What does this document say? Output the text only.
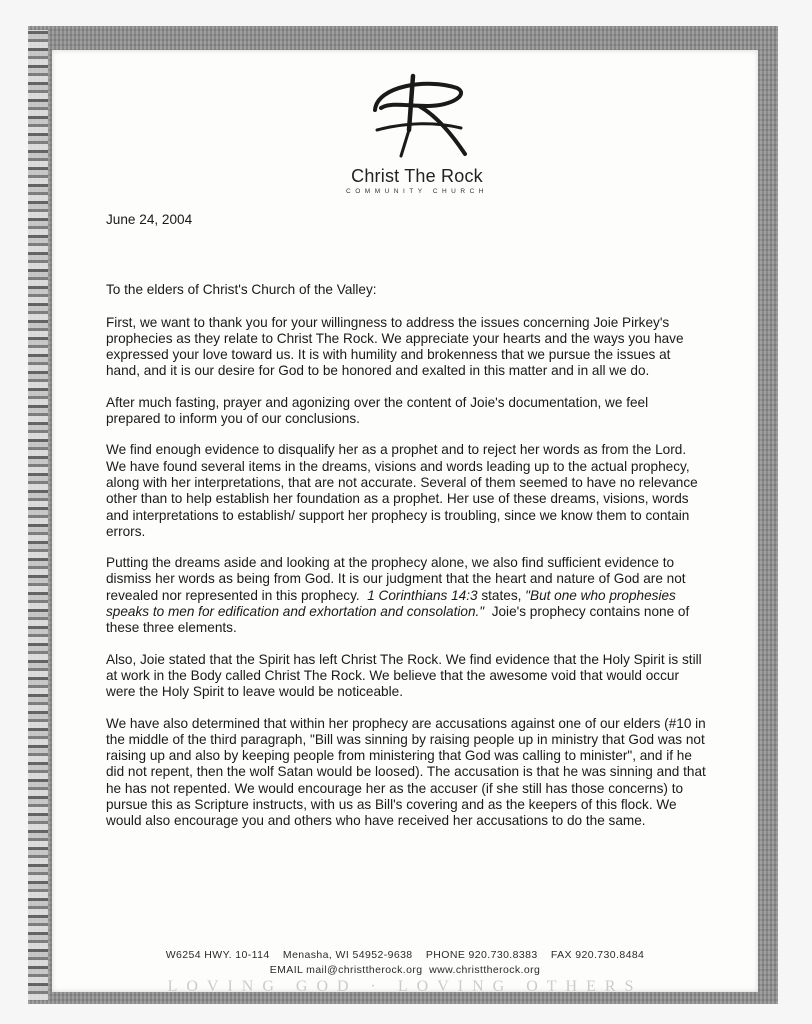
Christ The Rock
COMMUNITY CHURCH

June 24, 2004

To the elders of Christ's Church of the Valley:

First, we want to thank you for your willingness to address the issues concerning Joie Pirkey's prophecies as they relate to Christ The Rock. We appreciate your hearts and the ways you have expressed your love toward us. It is with humility and brokenness that we pursue the issues at hand, and it is our desire for God to be honored and exalted in this matter and in all we do.

After much fasting, prayer and agonizing over the content of Joie's documentation, we feel prepared to inform you of our conclusions.

We find enough evidence to disqualify her as a prophet and to reject her words as from the Lord. We have found several items in the dreams, visions and words leading up to the actual prophecy, along with her interpretations, that are not accurate. Several of them seemed to have no relevance other than to help establish her foundation as a prophet. Her use of these dreams, visions, words and interpretations to establish/ support her prophecy is troubling, since we know them to contain errors.

Putting the dreams aside and looking at the prophecy alone, we also find sufficient evidence to dismiss her words as being from God. It is our judgment that the heart and nature of God are not revealed nor represented in this prophecy. 1 Corinthians 14:3 states, "But one who prophesies speaks to men for edification and exhortation and consolation." Joie's prophecy contains none of these three elements.

Also, Joie stated that the Spirit has left Christ The Rock. We find evidence that the Holy Spirit is still at work in the Body called Christ The Rock. We believe that the awesome void that would occur were the Holy Spirit to leave would be noticeable.

We have also determined that within her prophecy are accusations against one of our elders (#10 in the middle of the third paragraph, "Bill was sinning by raising people up in ministry that God was not raising up and also by keeping people from ministering that God was calling to minister", and if he did not repent, then the wolf Satan would be loosed). The accusation is that he was sinning and that he has not repented. We would encourage her as the accuser (if she still has those concerns) to pursue this as Scripture instructs, with us as Bill's covering and as the keepers of this flock. We would also encourage you and others who have received her accusations to do the same.

W6254 HWY. 10-114 Menasha, WI 54952-9638 PHONE 920.730.8383 FAX 920.730.8484
EMAIL mail@christtherock.org www.christtherock.org
LOVING GOD · LOVING OTHERS
